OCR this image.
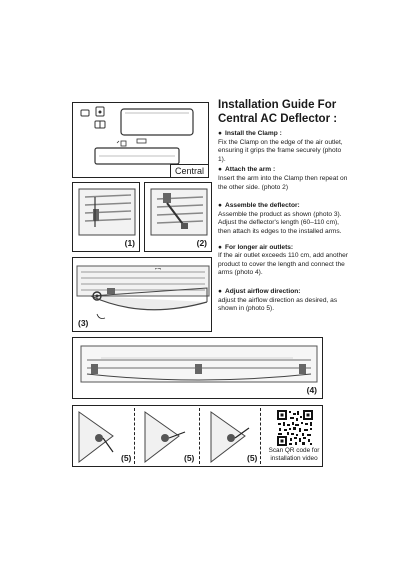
Central
(1)	(2)
⌐¬
(3)
Installation Guide For
Central AC Deflector :
● Install the Clamp :
Fix the Clamp on the edge of the air outlet, ensuring it grips the frame securely (photo 1).
● Attach the arm :
Insert the arm into the Clamp then repeat on the other side. (photo 2)
● Assemble the deflector:
Assemble the product as shown (photo 3). Adjust the deflector's length (60–110 cm), then attach its edges to the installed arms.
● For longer air outlets:
If the air outlet exceeds 110 cm, add another product to cover the length and connect the arms (photo 4).
● Adjust airflow direction:
adjust the airflow direction as desired, as shown in (photo 5).
(4)
(5)	(5)	(5)
Scan QR code for
installation video
